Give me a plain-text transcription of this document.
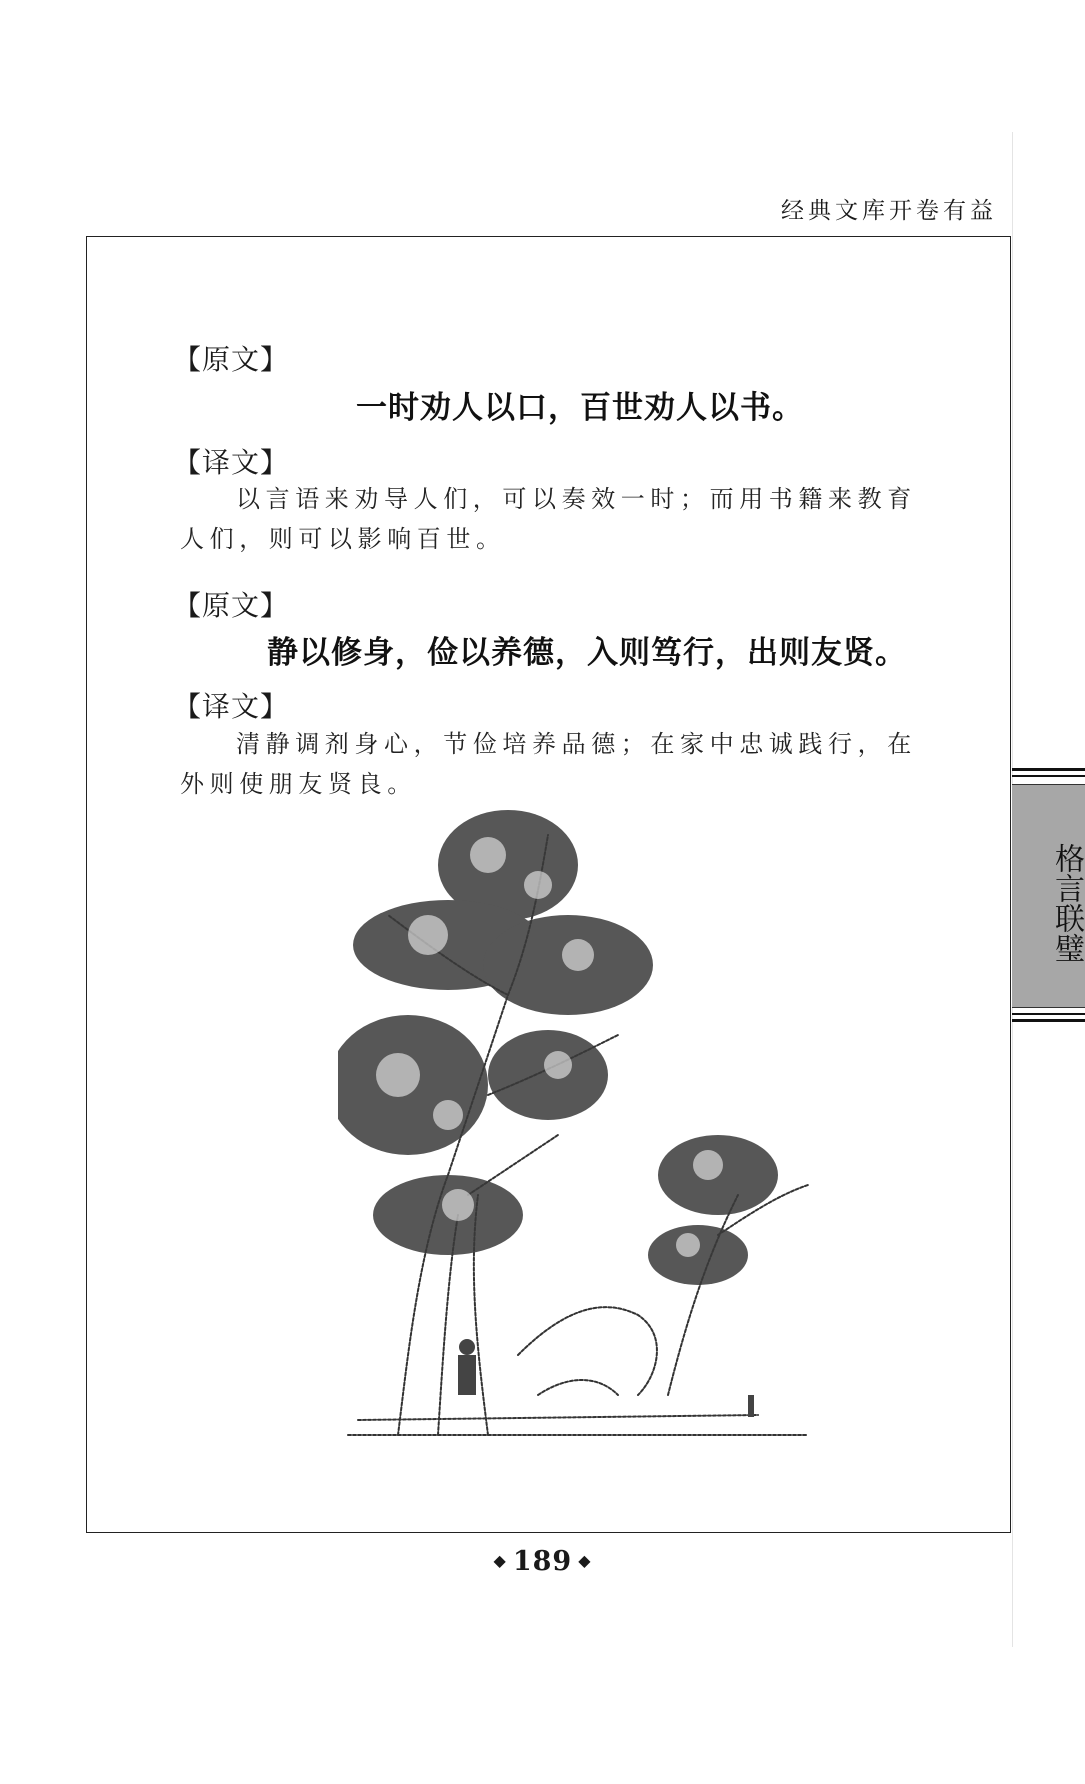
经典文库开卷有益
【原文】
一时劝人以口，百世劝人以书。
【译文】
以言语来劝导人们，可以奏效一时；而用书籍来教育人们，则可以影响百世。
【原文】
静以修身，俭以养德，入则笃行，出则友贤。
【译文】
清静调剂身心，节俭培养品德；在家中忠诚践行，在外则使朋友贤良。
格言联璧
◆ 189 ◆
